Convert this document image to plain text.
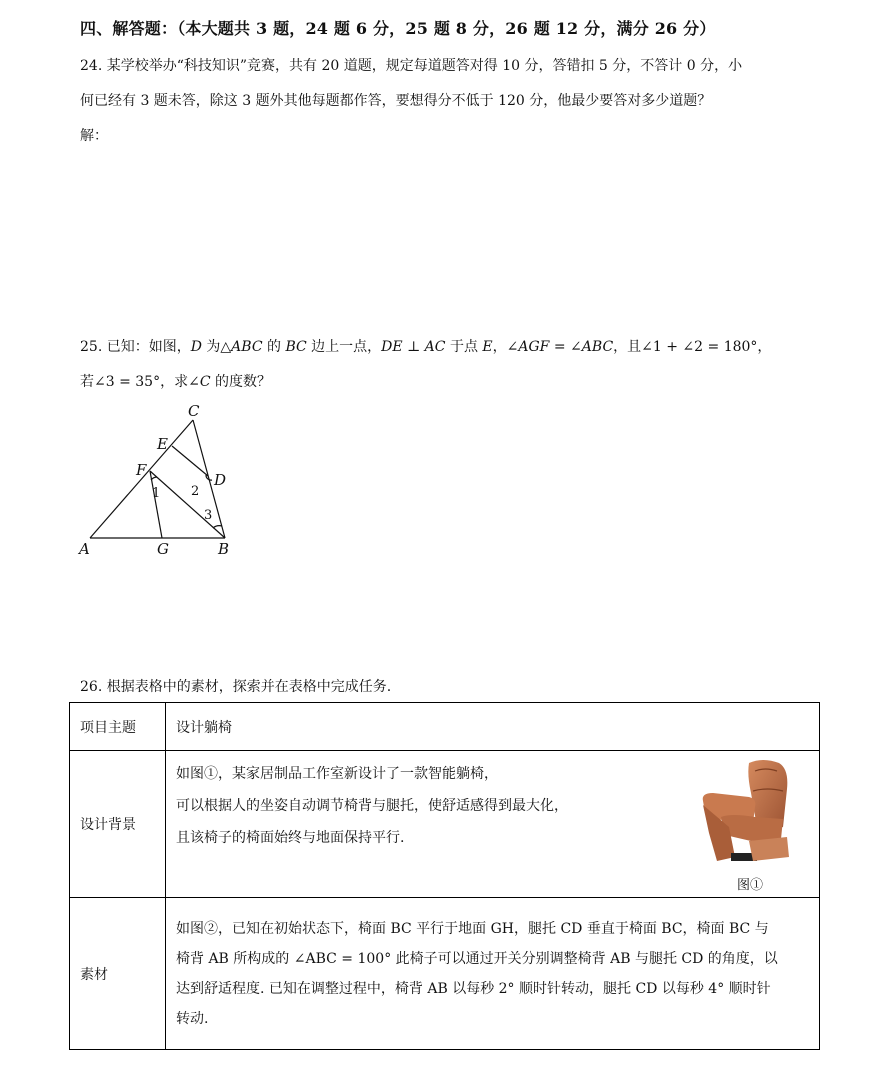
四、解答题：（本大题共 3 题，24 题 6 分，25 题 8 分，26 题 12 分，满分 26 分）
24. 某学校举办“科技知识”竞赛，共有 20 道题，规定每道题答对得 10 分，答错扣 5 分，不答计 0 分，小
何已经有 3 题未答，除这 3 题外其他每题都作答，要想得分不低于 120 分，他最少要答对多少道题？
解：
25. 已知：如图，D 为△ABC 的 BC 边上一点，DE ⊥ AC 于点 E，∠AGF = ∠ABC，且∠1 + ∠2 = 180°，
若∠3 = 35°，求∠C 的度数？
C
E
F
D
A	G	B
1 2
3
26. 根据表格中的素材，探索并在表格中完成任务.
项目主题	设计躺椅
设计背景	如图①，某家居制品工作室新设计了一款智能躺椅，
可以根据人的坐姿自动调节椅背与腿托，使舒适感得到最大化，
且该椅子的椅面始终与地面保持平行.
图①

素材	如图②，已知在初始状态下，椅面 BC 平行于地面 GH，腿托 CD 垂直于椅面 BC，椅面 BC 与
椅背 AB 所构成的 ∠ABC = 100° 此椅子可以通过开关分别调整椅背 AB 与腿托 CD 的角度，以
达到舒适程度. 已知在调整过程中，椅背 AB 以每秒 2° 顺时针转动，腿托 CD 以每秒 4° 顺时针
转动.
